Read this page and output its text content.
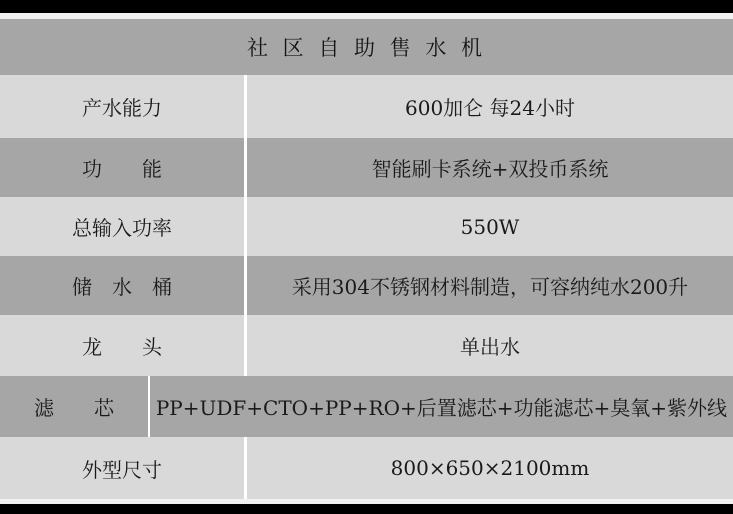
社 区 自 助 售 水 机
产水能力	600加仑 每24小时
功　　能	智能刷卡系统+双投币系统
总输入功率	550W
储　水　桶	采用304不锈钢材料制造，可容纳纯水200升
龙　　头	单出水
滤　　芯	PP+UDF+CTO+PP+RO+后置滤芯+功能滤芯+臭氧+紫外线
外型尺寸	800×650×2100mm
